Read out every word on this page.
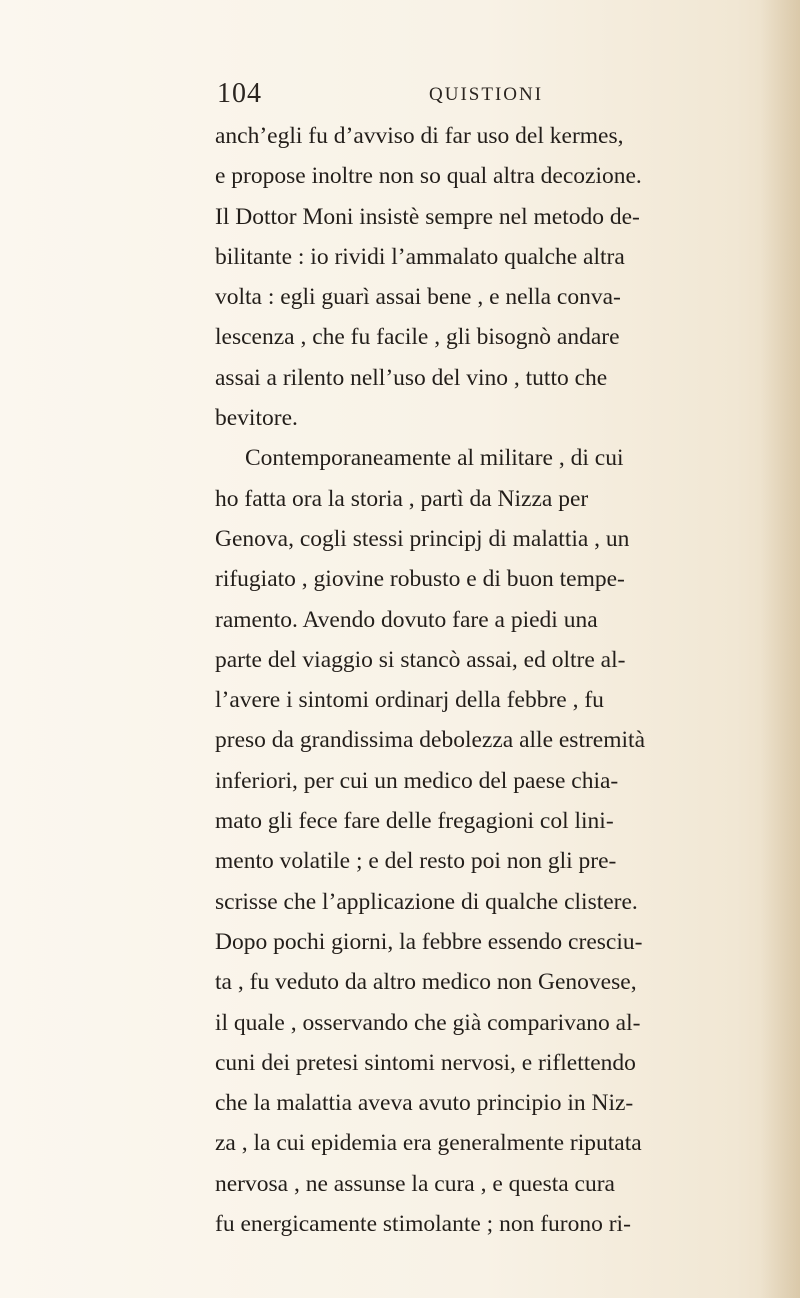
104	QUISTIONI
anch’egli fu d’avviso di far uso del kermes,
e propose inoltre non so qual altra decozione.
Il Dottor Moni insistè sempre nel metodo de-
bilitante : io rividi l’ammalato qualche altra
volta : egli guarì assai bene , e nella conva-
lescenza , che fu facile , gli bisognò andare
assai a rilento nell’uso del vino , tutto che
bevitore.
Contemporaneamente al militare , di cui
ho fatta ora la storia , partì da Nizza per
Genova, cogli stessi principj di malattia , un
rifugiato , giovine robusto e di buon tempe-
ramento. Avendo dovuto fare a piedi una
parte del viaggio si stancò assai, ed oltre al-
l’avere i sintomi ordinarj della febbre , fu
preso da grandissima debolezza alle estremità
inferiori, per cui un medico del paese chia-
mato gli fece fare delle fregagioni col lini-
mento volatile ; e del resto poi non gli pre-
scrisse che l’applicazione di qualche clistere.
Dopo pochi giorni, la febbre essendo cresciu-
ta , fu veduto da altro medico non Genovese,
il quale , osservando che già comparivano al-
cuni dei pretesi sintomi nervosi, e riflettendo
che la malattia aveva avuto principio in Niz-
za , la cui epidemia era generalmente riputata
nervosa , ne assunse la cura , e questa cura
fu energicamente stimolante ; non furono ri-
